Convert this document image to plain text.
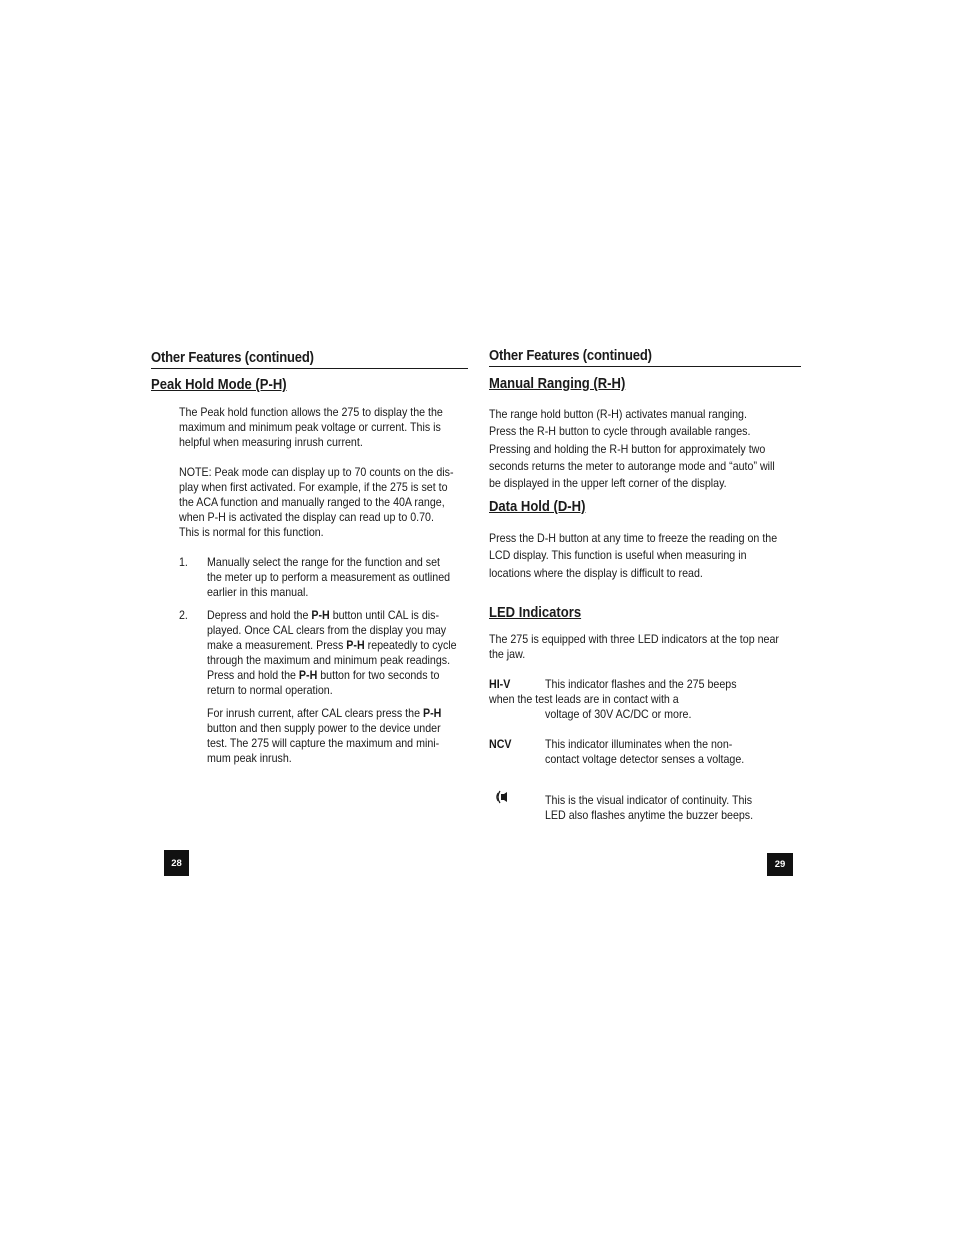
Other Features (continued)
Peak Hold Mode (P-H)
The Peak hold function allows the 275 to display the the
maximum and minimum peak voltage or current. This is
helpful when measuring inrush current.
NOTE: Peak mode can display up to 70 counts on the dis-
play when first activated. For example, if the 275 is set to
the ACA function and manually ranged to the 40A range,
when P-H is activated the display can read up to 0.70.
This is normal for this function.
1. Manually select the range for the function and set
the meter up to perform a measurement as outlined
earlier in this manual.
2. Depress and hold the P-H button until CAL is dis-
played. Once CAL clears from the display you may
make a measurement. Press P-H repeatedly to cycle
through the maximum and minimum peak readings.
Press and hold the P-H button for two seconds to
return to normal operation.
For inrush current, after CAL clears press the P-H
button and then supply power to the device under
test. The 275 will capture the maximum and mini-
mum peak inrush.
28
Other Features (continued)
Manual Ranging (R-H)
The range hold button (R-H) activates manual ranging.
Press the R-H button to cycle through available ranges.
Pressing and holding the R-H button for approximately two
seconds returns the meter to autorange mode and “auto” will
be displayed in the upper left corner of the display.
Data Hold (D-H)
Press the D-H button at any time to freeze the reading on the
LCD display. This function is useful when measuring in
locations where the display is difficult to read.
LED Indicators
The 275 is equipped with three LED indicators at the top near
the jaw.
HI-V	This indicator flashes and the 275 beeps
when the test leads are in contact with a
voltage of 30V AC/DC or more.
NCV	This indicator illuminates when the non-
contact voltage detector senses a voltage.
This is the visual indicator of continuity. This
LED also flashes anytime the buzzer beeps.
29
